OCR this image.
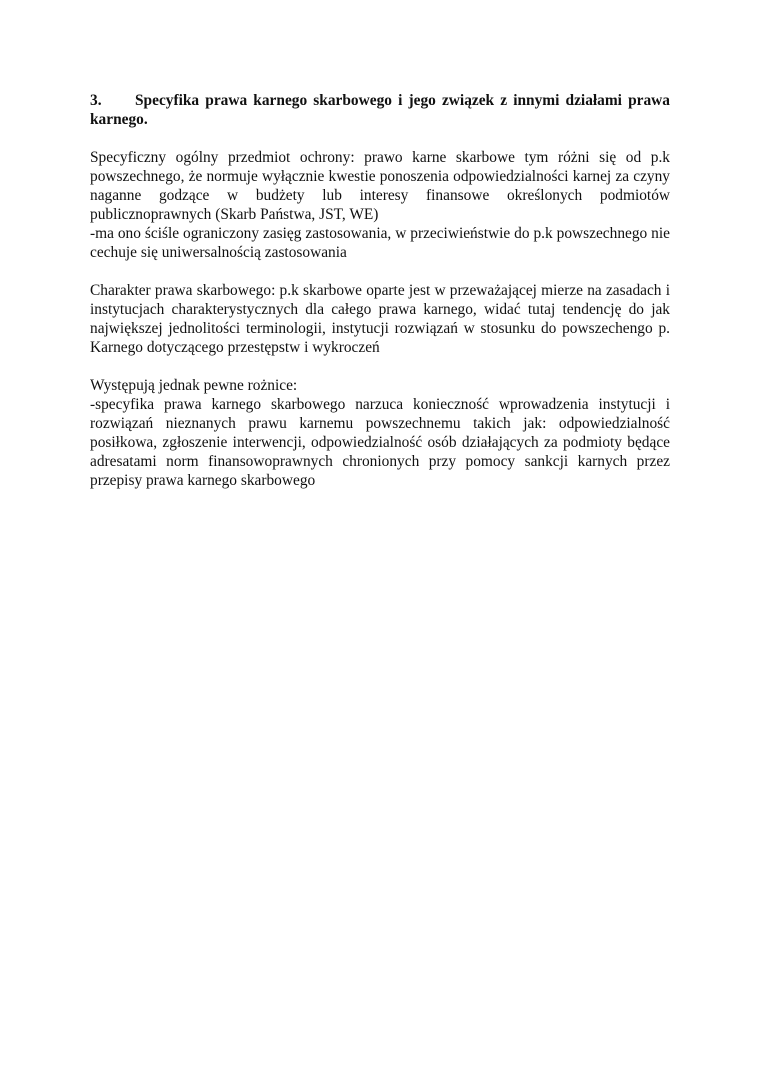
3. Specyfika prawa karnego skarbowego i jego związek z innymi działami prawa karnego.
Specyficzny ogólny przedmiot ochrony: prawo karne skarbowe tym różni się od p.k
powszechnego, że normuje wyłącznie kwestie ponoszenia odpowiedzialności karnej za czyny
naganne godzące w budżety lub interesy finansowe określonych podmiotów
publicznoprawnych (Skarb Państwa, JST, WE)
-ma ono ściśle ograniczony zasięg zastosowania, w przeciwieństwie do p.k powszechnego nie
cechuje się uniwersalnością zastosowania
Charakter prawa skarbowego: p.k skarbowe oparte jest w przeważającej mierze na zasadach i
instytucjach charakterystycznych dla całego prawa karnego, widać tutaj tendencję do jak
największej jednolitości terminologii, instytucji rozwiązań w stosunku do powszechengo p.
Karnego dotyczącego przestępstw i wykroczeń
Występują jednak pewne rożnice:
-specyfika prawa karnego skarbowego narzuca konieczność wprowadzenia instytucji i
rozwiązań nieznanych prawu karnemu powszechnemu takich jak: odpowiedzialność
posiłkowa, zgłoszenie interwencji, odpowiedzialność osób działających za podmioty będące
adresatami norm finansowoprawnych chronionych przy pomocy sankcji karnych przez
przepisy prawa karnego skarbowego
